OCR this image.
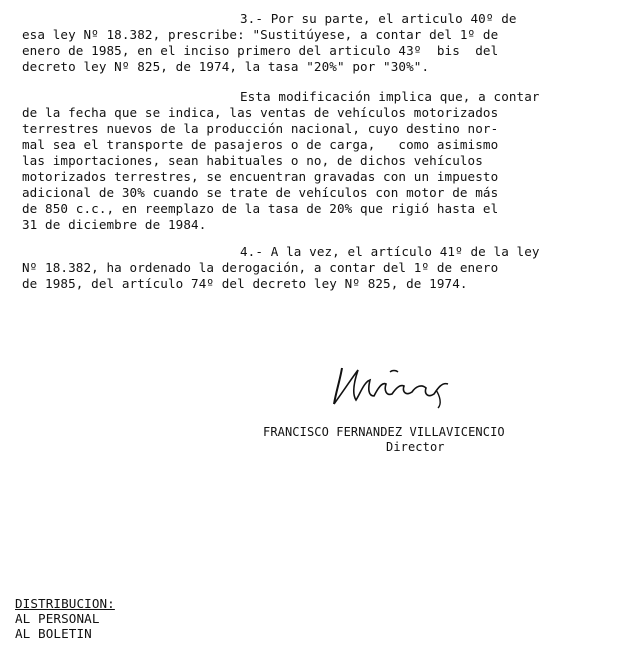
3.- Por su parte, el articulo 40º de
esa ley Nº 18.382, prescribe: "Sustitúyese, a contar del 1º de
enero de 1985, en el inciso primero del articulo 43º  bis  del
decreto ley Nº 825, de 1974, la tasa "20%" por "30%".
Esta modificación implica que, a contar
de la fecha que se indica, las ventas de vehículos motorizados
terrestres nuevos de la producción nacional, cuyo destino nor-
mal sea el transporte de pasajeros o de carga,   como asimismo
las importaciones, sean habituales o no, de dichos vehículos
motorizados terrestres, se encuentran gravadas con un impuesto
adicional de 30% cuando se trate de vehículos con motor de más
de 850 c.c., en reemplazo de la tasa de 20% que rigió hasta el
31 de diciembre de 1984.
4.- A la vez, el artículo 41º de la ley
Nº 18.382, ha ordenado la derogación, a contar del 1º de enero
de 1985, del artículo 74º del decreto ley Nº 825, de 1974.
FRANCISCO FERNANDEZ VILLAVICENCIO
Director
DISTRIBUCION:
AL PERSONAL
AL BOLETIN
